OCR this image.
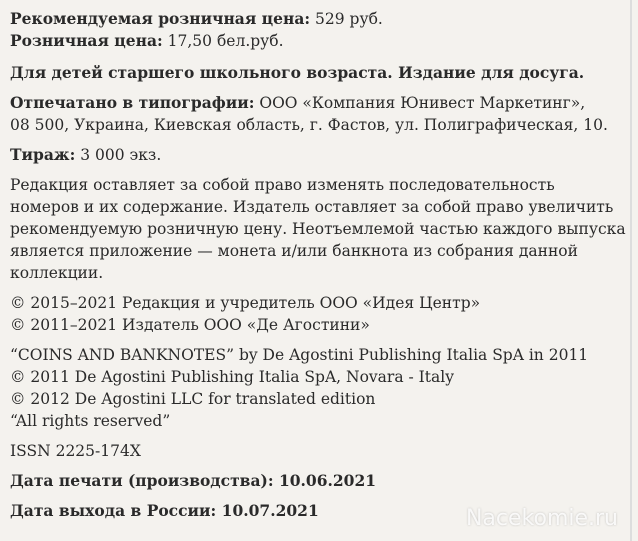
Рекомендуемая розничная цена: 529 руб.
Розничная цена: 17,50 бел.руб.
Для детей старшего школьного возраста. Издание для досуга.
Отпечатано в типографии: ООО «Компания Юнивест Маркетинг»,
08 500, Украина, Киевская область, г. Фастов, ул. Полиграфическая, 10.
Тираж: 3 000 экз.
Редакция оставляет за собой право изменять последовательность
номеров и их содержание. Издатель оставляет за собой право увеличить
рекомендуемую розничную цену. Неотъемлемой частью каждого выпуска
является приложение — монета и/или банкнота из собрания данной
коллекции.
© 2015–2021 Редакция и учредитель ООО «Идея Центр»
© 2011–2021 Издатель ООО «Де Агостини»
“COINS AND BANKNOTES” by De Agostini Publishing Italia SpA in 2011
© 2011 De Agostini Publishing Italia SpA, Novara - Italy
© 2012 De Agostini LLC for translated edition
“All rights reserved”
ISSN 2225-174X
Дата печати (производства): 10.06.2021
Дата выхода в России: 10.07.2021	Nacekomie.ru
